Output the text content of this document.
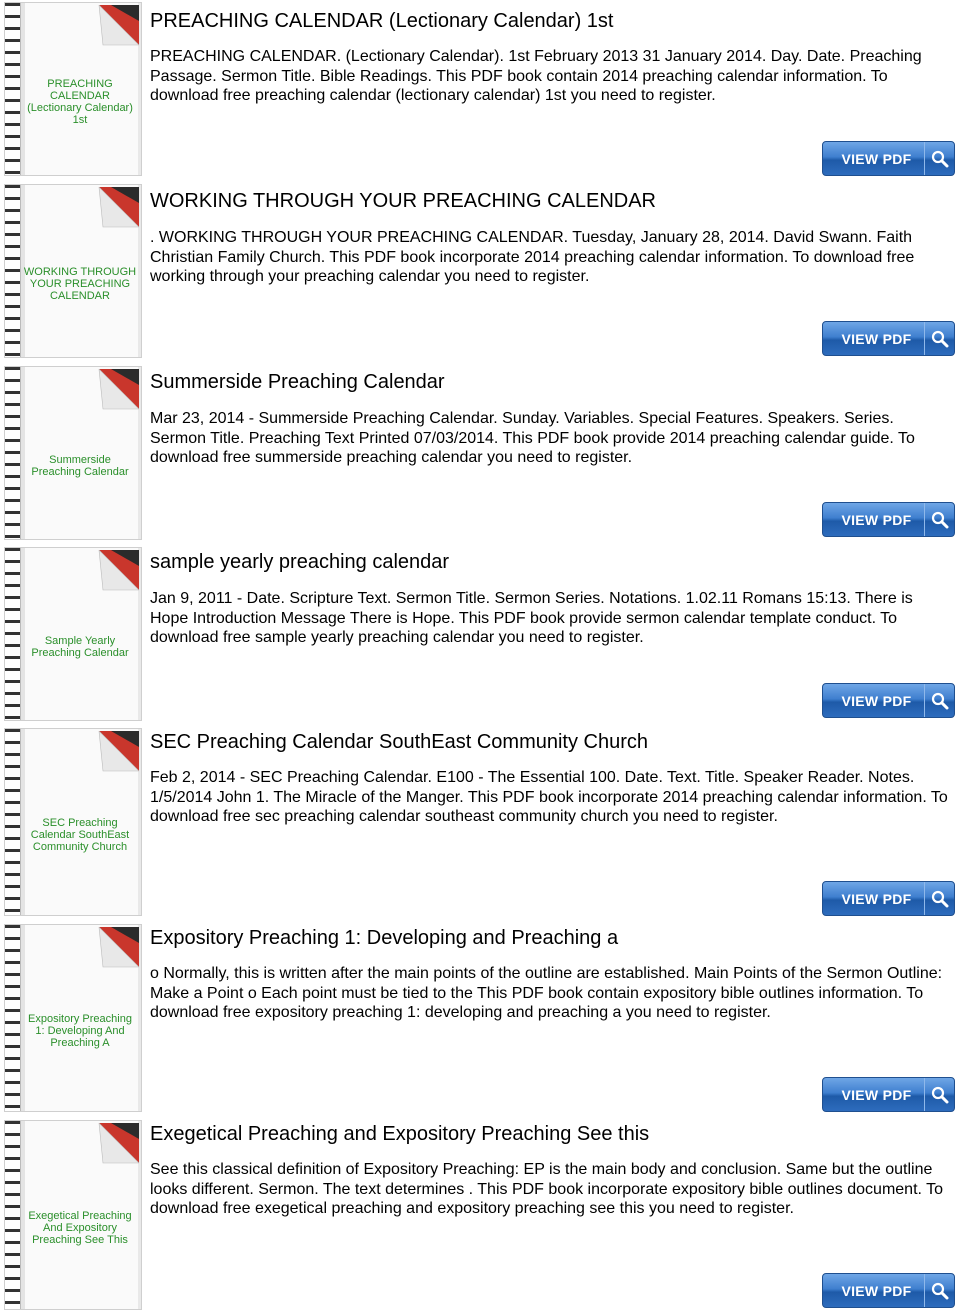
PREACHING CALENDAR (Lectionary Calendar) 1st
PREACHING CALENDAR (Lectionary Calendar) 1st
PREACHING CALENDAR. (Lectionary Calendar). 1st February 2013 31 January 2014. Day. Date. Preaching Passage. Sermon Title. Bible Readings. This PDF book contain 2014 preaching calendar information. To download free preaching calendar (lectionary calendar) 1st you need to register.
VIEW PDF
WORKING THROUGH YOUR PREACHING CALENDAR
WORKING THROUGH YOUR PREACHING CALENDAR
. WORKING THROUGH YOUR PREACHING CALENDAR. Tuesday, January 28, 2014. David Swann. Faith Christian Family Church. This PDF book incorporate 2014 preaching calendar information. To download free working through your preaching calendar you need to register.
VIEW PDF
Summerside Preaching Calendar
Summerside Preaching Calendar
Mar 23, 2014 - Summerside Preaching Calendar. Sunday. Variables. Special Features. Speakers. Series. Sermon Title. Preaching Text Printed 07/03/2014. This PDF book provide 2014 preaching calendar guide. To download free summerside preaching calendar you need to register.
VIEW PDF
Sample Yearly Preaching Calendar
sample yearly preaching calendar
Jan 9, 2011 - Date. Scripture Text. Sermon Title. Sermon Series. Notations. 1.02.11 Romans 15:13. There is Hope Introduction Message There is Hope. This PDF book provide sermon calendar template conduct. To download free sample yearly preaching calendar you need to register.
VIEW PDF
SEC Preaching Calendar SouthEast Community Church
SEC Preaching Calendar SouthEast Community Church
Feb 2, 2014 - SEC Preaching Calendar. E100 - The Essential 100. Date. Text. Title. Speaker Reader. Notes. 1/5/2014 John 1. The Miracle of the Manger. This PDF book incorporate 2014 preaching calendar information. To download free sec preaching calendar southeast community church you need to register.
VIEW PDF
Expository Preaching 1: Developing And Preaching A
Expository Preaching 1: Developing and Preaching a
o Normally, this is written after the main points of the outline are established. Main Points of the Sermon Outline: Make a Point o Each point must be tied to the This PDF book contain expository bible outlines information. To download free expository preaching 1: developing and preaching a you need to register.
VIEW PDF
Exegetical Preaching And Expository Preaching See This
Exegetical Preaching and Expository Preaching See this
See this classical definition of Expository Preaching: EP is the main body and conclusion. Same but the outline looks different. Sermon. The text determines . This PDF book incorporate expository bible outlines document. To download free exegetical preaching and expository preaching see this you need to register.
VIEW PDF
